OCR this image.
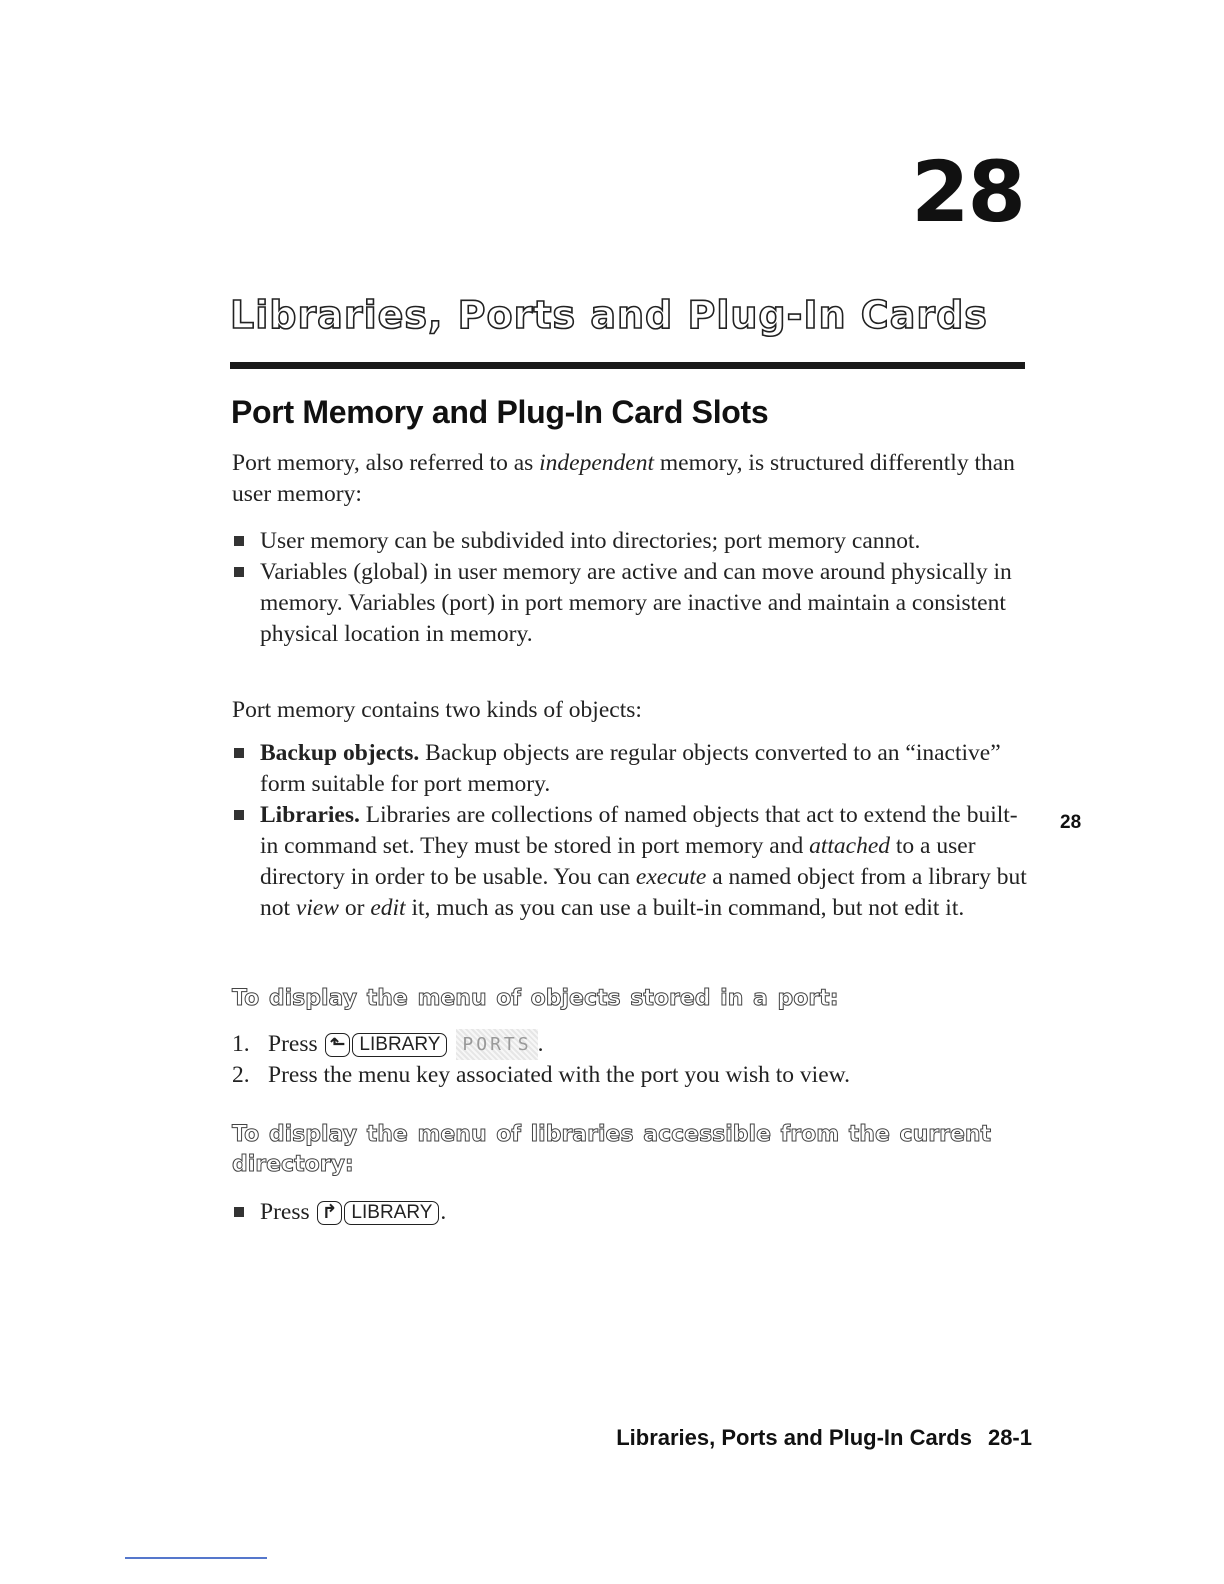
28
Libraries, Ports and Plug-In Cards
Port Memory and Plug-In Card Slots
Port memory, also referred to as independent memory, is structured differently than user memory:
User memory can be subdivided into directories; port memory cannot.
Variables (global) in user memory are active and can move around physically in memory. Variables (port) in port memory are inactive and maintain a consistent physical location in memory.
Port memory contains two kinds of objects:
Backup objects. Backup objects are regular objects converted to an “inactive” form suitable for port memory.
Libraries. Libraries are collections of named objects that act to extend the built-in command set. They must be stored in port memory and attached to a user directory in order to be usable. You can execute a named object from a library but not view or edit it, much as you can use a built-in command, but not edit it.
To display the menu of objects stored in a port:
1. Press ⬑ LIBRARY PORTS .
2. Press the menu key associated with the port you wish to view.
To display the menu of libraries accessible from the current
directory:
Press ↱ LIBRARY .
28
Libraries, Ports and Plug-In Cards 28-1
